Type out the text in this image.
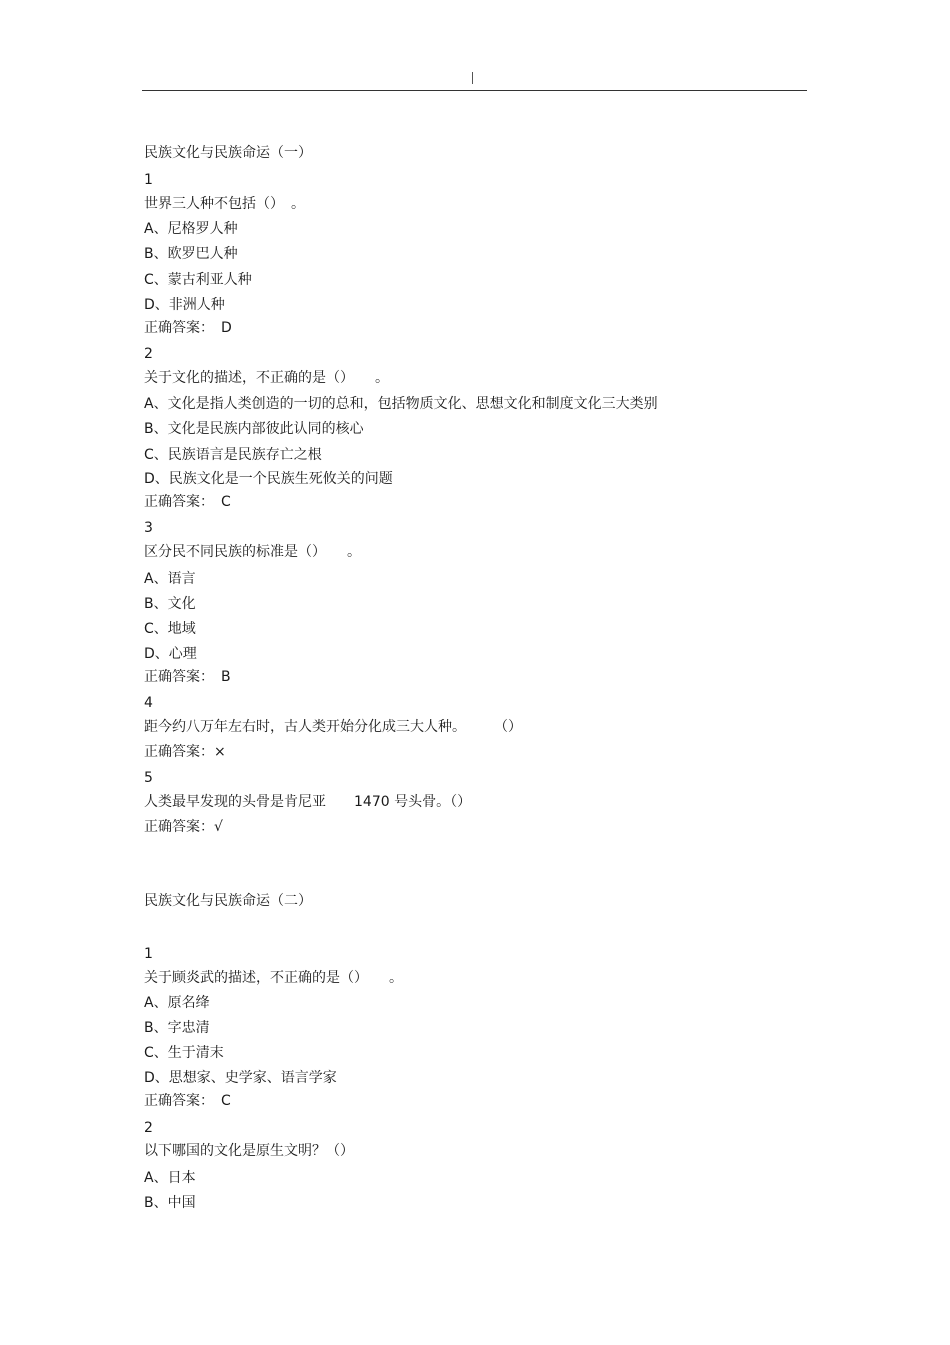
民族文化与民族命运（一）
1
世界三人种不包括（）　。
A、尼格罗人种
B、欧罗巴人种
C、蒙古利亚人种
D、非洲人种
正确答案：　D
2
关于文化的描述，不正确的是（）　　。
A、文化是指人类创造的一切的总和，包括物质文化、思想文化和制度文化三大类别
B、文化是民族内部彼此认同的核心
C、民族语言是民族存亡之根
D、民族文化是一个民族生死攸关的问题
正确答案：　C
3
区分民不同民族的标准是（）　　。
A、语言
B、文化
C、地域
D、心理
正确答案：　B
4
距今约八万年左右时，古人类开始分化成三大人种。　　　（）
正确答案：×
5
人类最早发现的头骨是肯尼亚　　1470 号头骨。（）
正确答案：√
民族文化与民族命运（二）
1
关于顾炎武的描述，不正确的是（）　　。
A、原名绛
B、字忠清
C、生于清末
D、思想家、史学家、语言学家
正确答案：　C
2
以下哪国的文化是原生文明？（）
A、日本
B、中国
